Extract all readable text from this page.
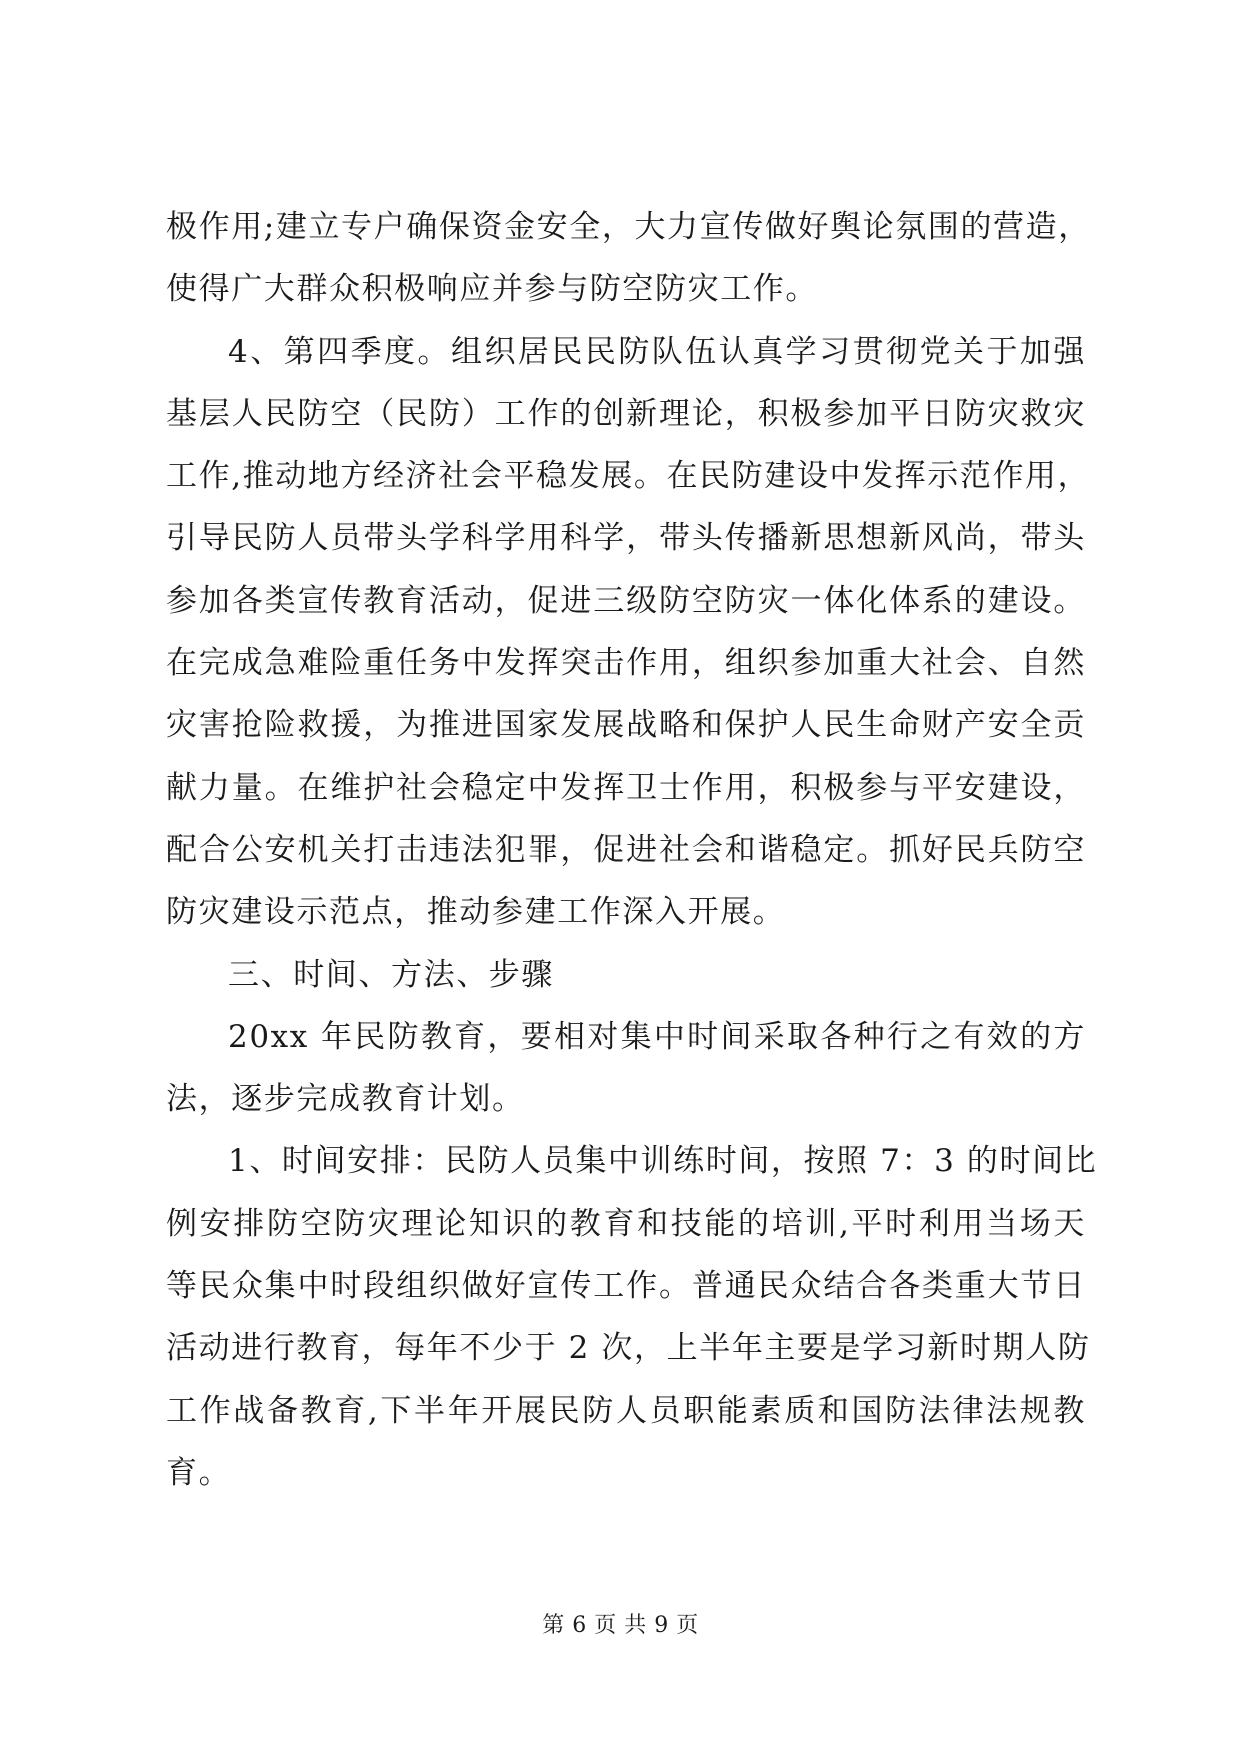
极作用;建立专户确保资金安全，大力宣传做好舆论氛围的营造，
使得广大群众积极响应并参与防空防灾工作。
4、第四季度。组织居民民防队伍认真学习贯彻党关于加强
基层人民防空（民防）工作的创新理论，积极参加平日防灾救灾
工作,推动地方经济社会平稳发展。在民防建设中发挥示范作用，
引导民防人员带头学科学用科学，带头传播新思想新风尚，带头
参加各类宣传教育活动，促进三级防空防灾一体化体系的建设。
在完成急难险重任务中发挥突击作用，组织参加重大社会、自然
灾害抢险救援，为推进国家发展战略和保护人民生命财产安全贡
献力量。在维护社会稳定中发挥卫士作用，积极参与平安建设，
配合公安机关打击违法犯罪，促进社会和谐稳定。抓好民兵防空
防灾建设示范点，推动参建工作深入开展。
三、时间、方法、步骤
20xx 年民防教育，要相对集中时间采取各种行之有效的方
法，逐步完成教育计划。
1、时间安排：民防人员集中训练时间，按照 7：3 的时间比
例安排防空防灾理论知识的教育和技能的培训,平时利用当场天
等民众集中时段组织做好宣传工作。普通民众结合各类重大节日
活动进行教育，每年不少于 2 次，上半年主要是学习新时期人防
工作战备教育,下半年开展民防人员职能素质和国防法律法规教
育。
第 6 页 共 9 页
